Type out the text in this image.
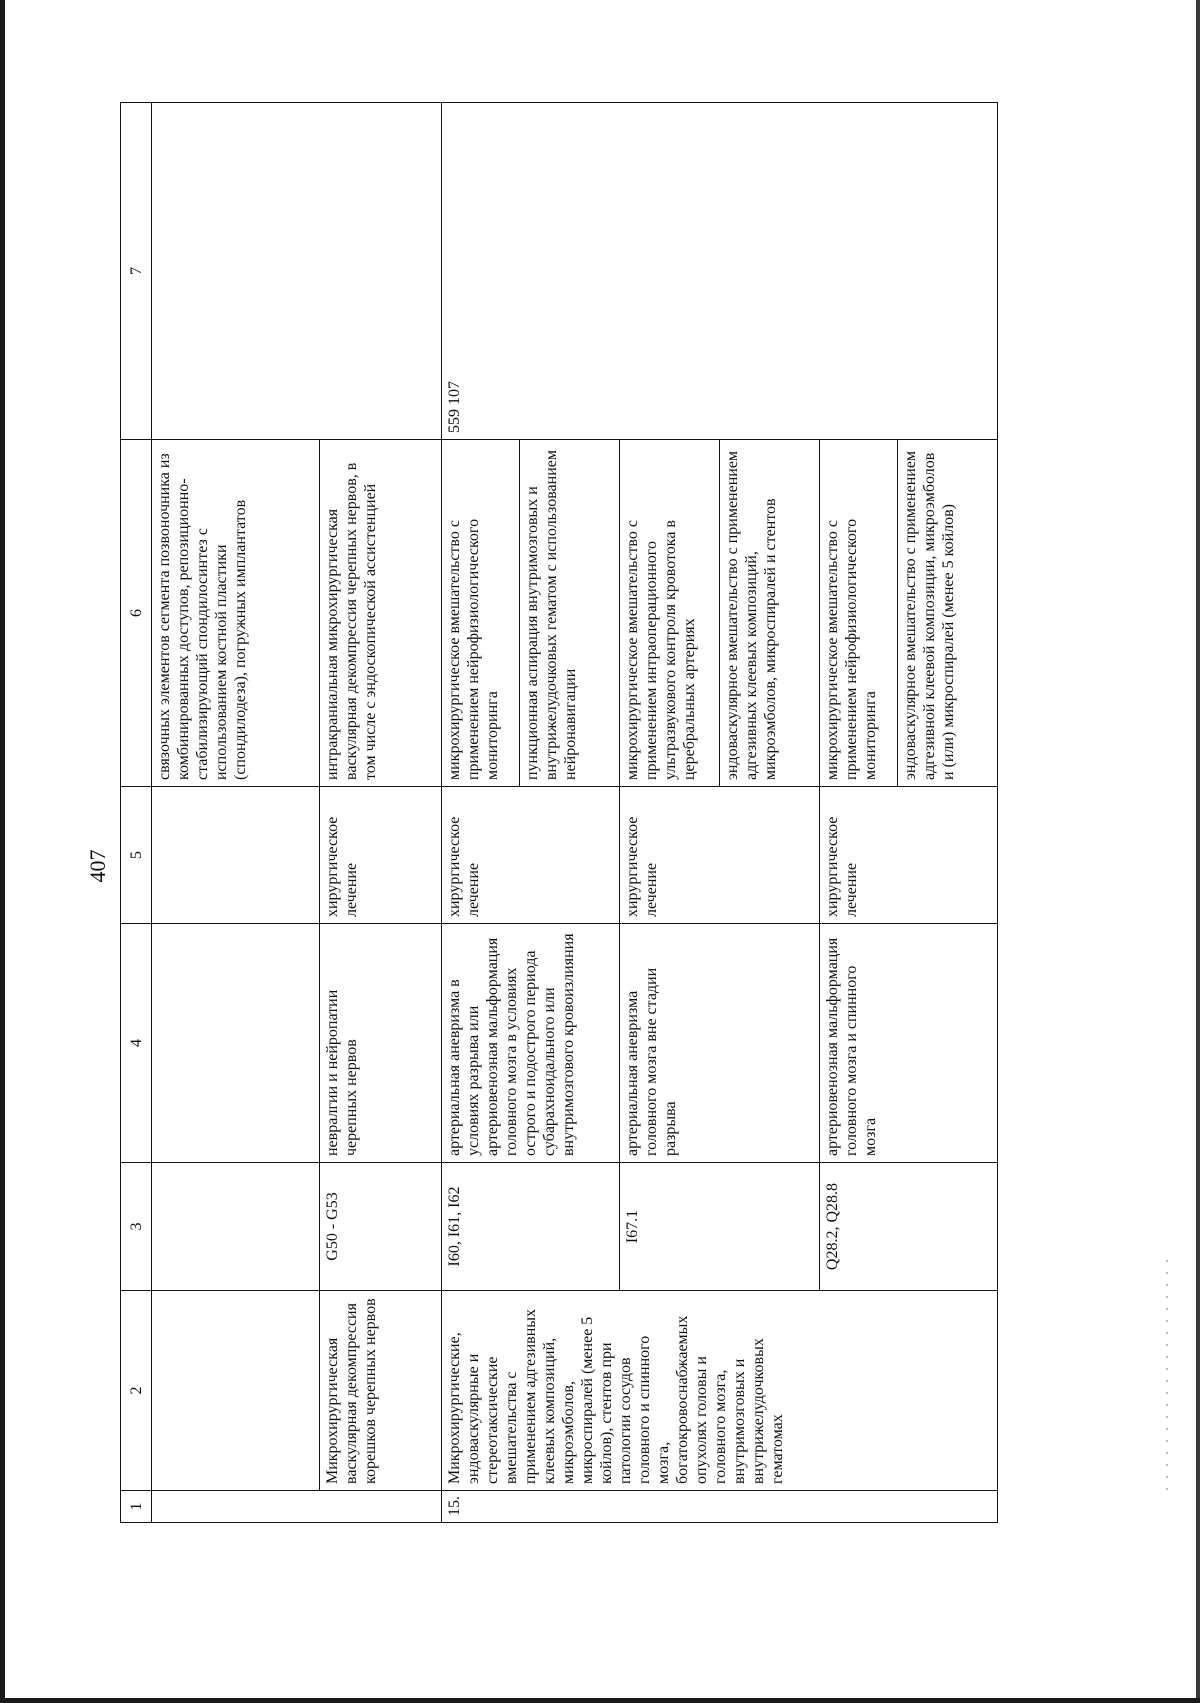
407
1	2	3	4	5	6	7
					связочных элементов сегмента позвоночника из комбинированных доступов, репозиционно-стабилизирующий спондилосинтез с использованием костной пластики (спондилодеза), погружных имплантатов	
	Микрохирургическая васкулярная декомпрессия корешков черепных нервов	G50 - G53	невралгии и нейропатии черепных нервов	хирургическое лечение	интракраниальная микрохирургическая васкулярная декомпрессия черепных нервов, в том числе с эндоскопической ассистенцией	
15.	Микрохирургические, эндоваскулярные и стереотаксические вмешательства с применением адгезивных клеевых композиций, микроэмболов, микроспиралей (менее 5 койлов), стентов при патологии сосудов головного и спинного мозга, богатокровоснабжаемых опухолях головы и головного мозга, внутримозговых и внутрижелудочковых гематомах	I60, I61, I62	артериальная аневризма в условиях разрыва или артериовенозная мальформация головного мозга в условиях острого и подострого периода субарахноидального или внутримозгового кровоизлияния	хирургическое лечение	микрохирургическое вмешательство с применением нейрофизиологического мониторинга	559 107
					пункционная аспирация внутримозговых и внутрижелудочковых гематом с использованием нейронавигации	
		I67.1	артериальная аневризма головного мозга вне стадии разрыва	хирургическое лечение	микрохирургическое вмешательство с применением интраоперационного ультразвукового контроля кровотока в церебральных артериях	
					эндоваскулярное вмешательство с применением адгезивных клеевых композиций, микроэмболов, микроспиралей и стентов	
		Q28.2, Q28.8	артериовенозная мальформация головного мозга и спинного мозга	хирургическое лечение	микрохирургическое вмешательство с применением нейрофизиологического мониторинга	
					эндоваскулярное вмешательство с применением адгезивной клеевой композиции, микроэмболов и (или) микроспиралей (менее 5 койлов)	
